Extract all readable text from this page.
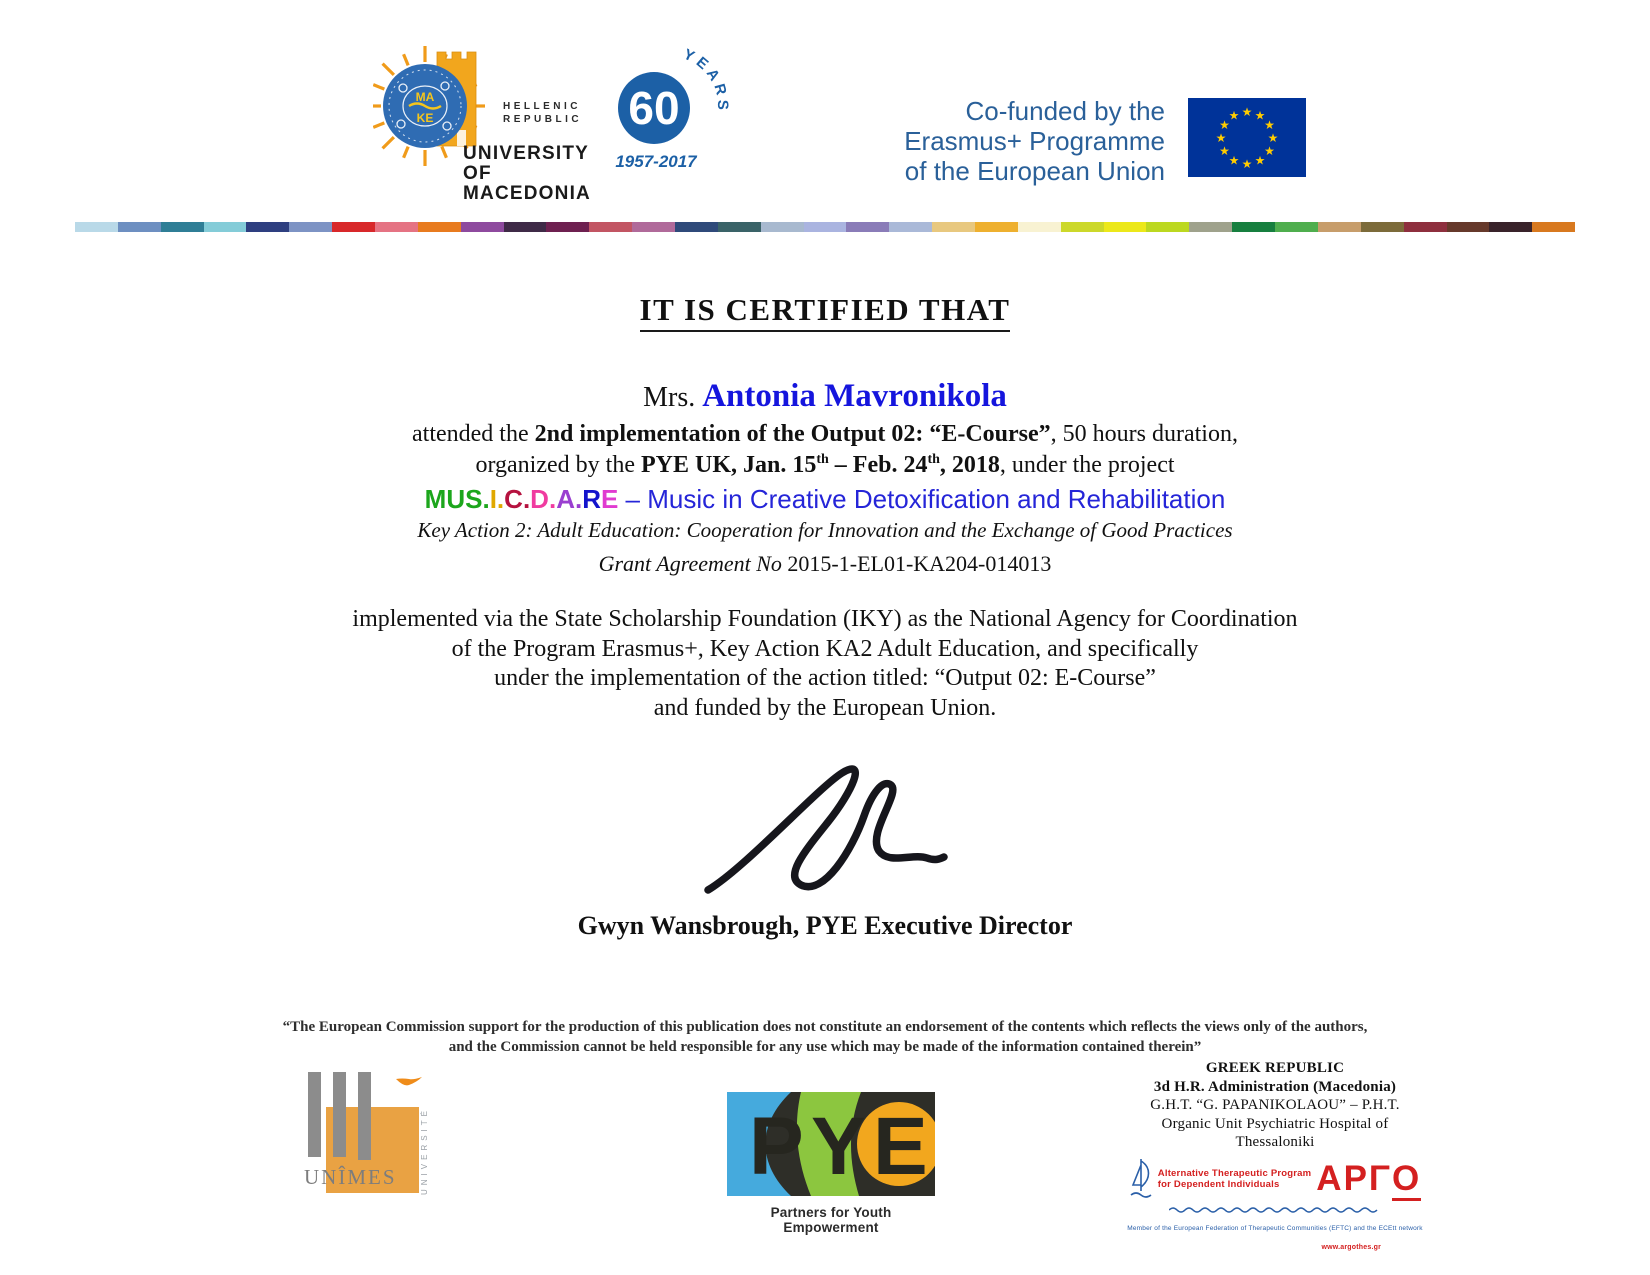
MA
KE
HELLENIC
REPUBLIC
UNIVERSITY
OF MACEDONIA
60
YEARS
1957-2017
Co-funded by the
Erasmus+ Programme
of the European Union
★ ★
★
★
★
★
★
★
★
★
★
★
IT IS CERTIFIED THAT
Mrs. Antonia Mavronikola
attended the 2nd implementation of the Output 02: “E-Course”, 50 hours duration,
organized by the PYE UK, Jan. 15th – Feb. 24th, 2018, under the project
MUS.I.C.D.A.RE – Music in Creative Detoxification and Rehabilitation
Key Action 2: Adult Education: Cooperation for Innovation and the Exchange of Good Practices
Grant Agreement No 2015-1-EL01-KA204-014013
implemented via the State Scholarship Foundation (IKY) as the National Agency for Coordination
of the Program Erasmus+, Key Action KA2 Adult Education, and specifically
under the implementation of the action titled: “Output 02: E-Course”
and funded by the European Union.
Gwyn Wansbrough, PYE Executive Director
“The European Commission support for the production of this publication does not constitute an endorsement of the contents which reflects the views only of the authors,
and the Commission cannot be held responsible for any use which may be made of the information contained therein”
UNÎMES	UNIVERSITÉ	P Y E
Partners for Youth Empowerment
GREEK REPUBLIC
3d H.R. Administration (Macedonia)
G.H.T. “G. PAPANIKOLAOU” – P.H.T.
Organic Unit Psychiatric Hospital of
Thessaloniki
Alternative Therapeutic Program
for Dependent Individuals	ΑΡΓΟ
Member of the European Federation of Therapeutic Communities (EFTC) and the ECEtt network
www.argothes.gr
